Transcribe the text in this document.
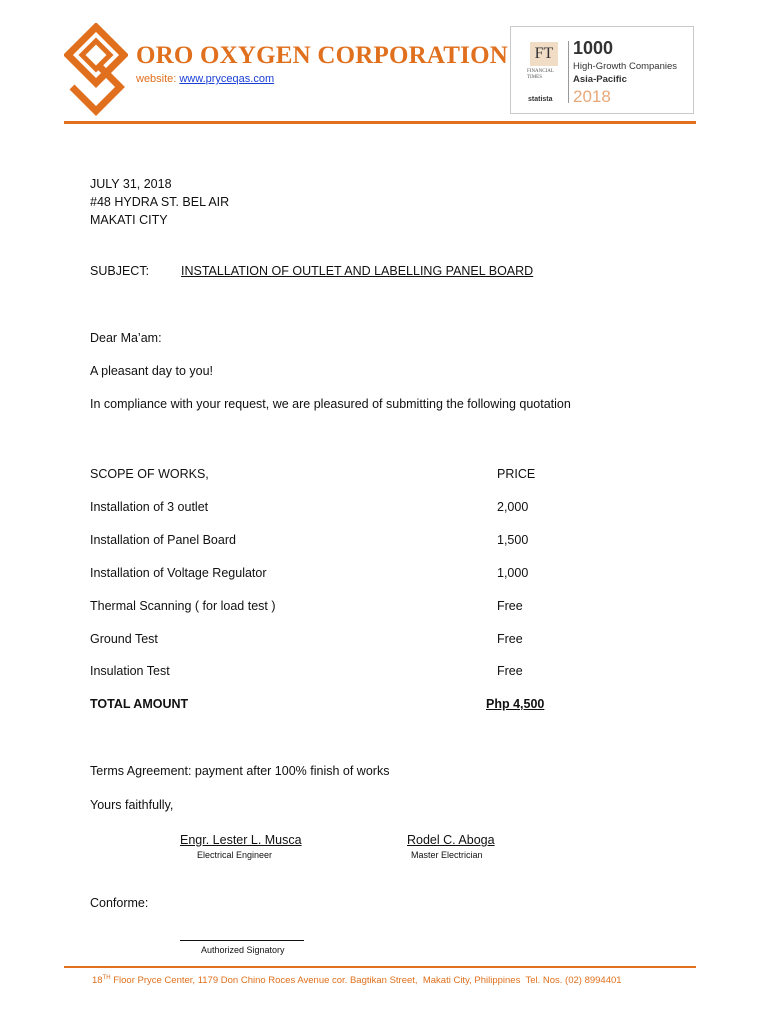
ORO OXYGEN CORPORATION
website: www.pryceqas.com
FT
FINANCIAL TIMES
statista
1000
High-Growth Companies
Asia-Pacific
2018
JULY 31, 2018
#48 HYDRA ST. BEL AIR
MAKATI CITY
SUBJECT:	INSTALLATION OF OUTLET AND LABELLING PANEL BOARD
Dear Ma’am:
A pleasant day to you!
In compliance with your request, we are pleasured of submitting the following quotation
SCOPE OF WORKS,	PRICE
Installation of 3 outlet	2,000
Installation of Panel Board	1,500
Installation of Voltage Regulator	1,000
Thermal Scanning ( for load test )	Free
Ground Test	Free
Insulation Test	Free
TOTAL AMOUNT	Php 4,500
Terms Agreement: payment after 100% finish of works
Yours faithfully,
Engr. Lester L. Musca
Electrical Engineer
Rodel C. Aboga
Master Electrician
Conforme:
Authorized Signatory
18TH Floor Pryce Center, 1179 Don Chino Roces Avenue cor. Bagtikan Street,  Makati City, Philippines  Tel. Nos. (02) 8994401
